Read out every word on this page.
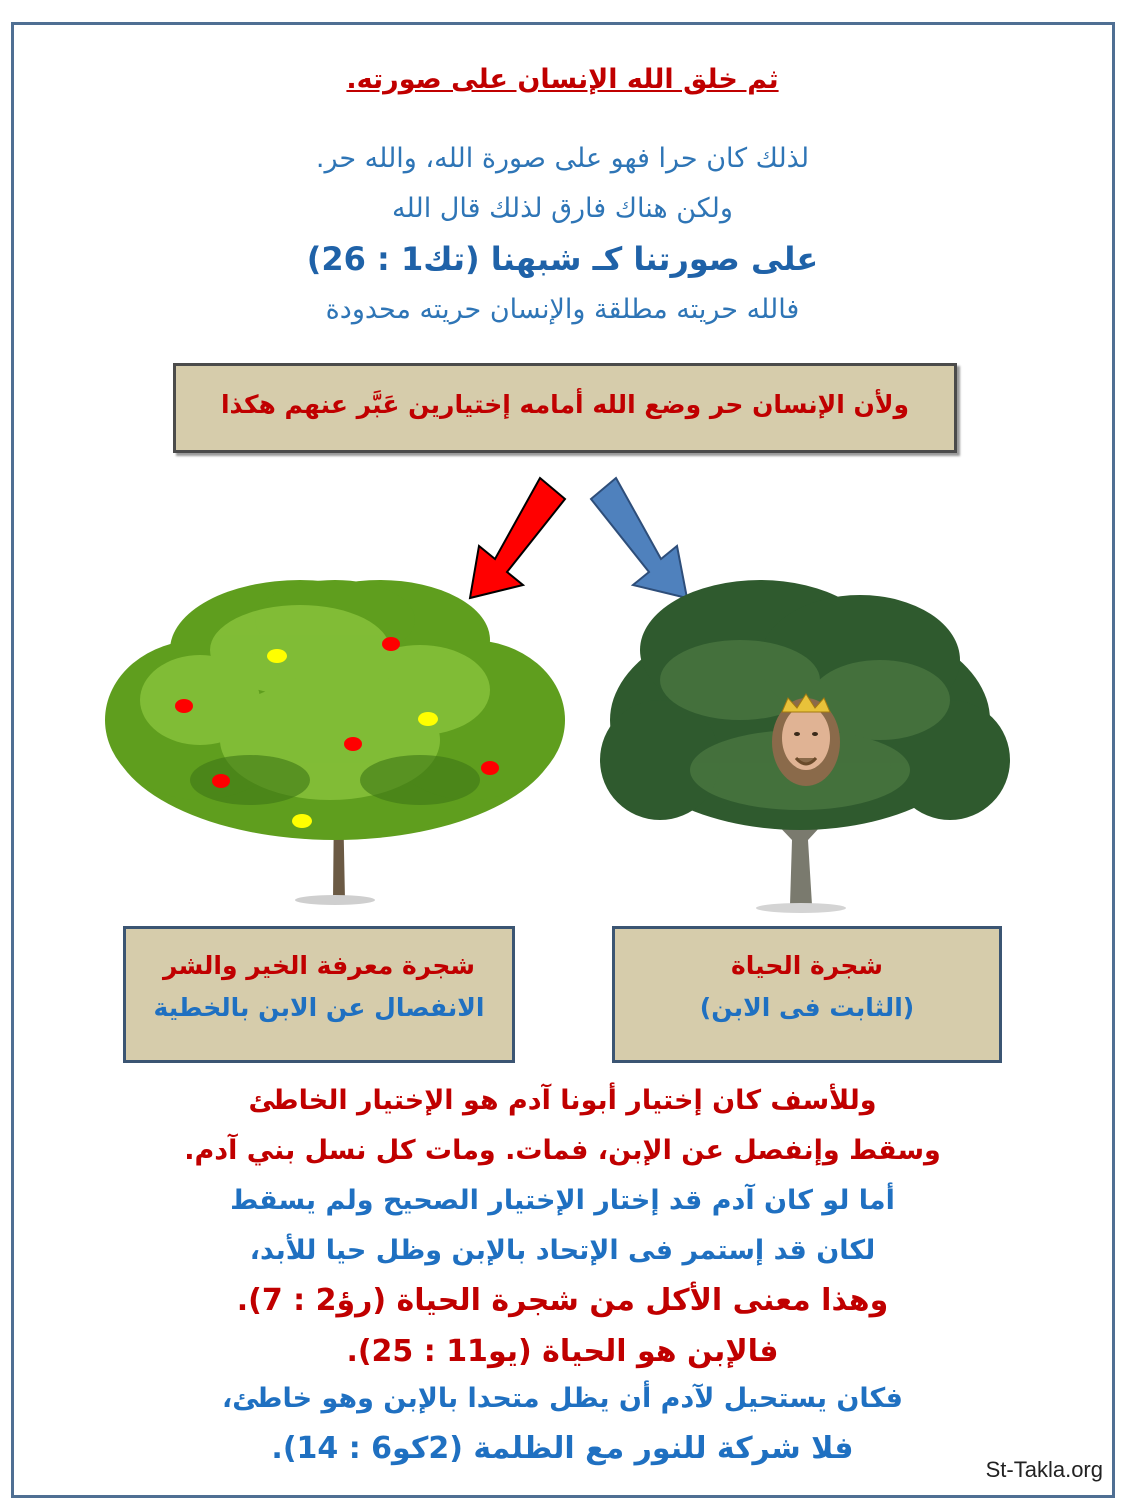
ثم خلق الله الإنسان على صورته.
لذلك كان حرا فهو على صورة الله، والله حر.
ولكن هناك فارق لذلك قال الله
على صورتنا كـ شبهنا (تك1 : 26)
فالله حريته مطلقة والإنسان حريته محدودة
ولأن الإنسان حر وضع الله أمامه إختيارين عَبَّر عنهم هكذا
شجرة معرفة الخير والشر
الانفصال عن الابن بالخطية
شجرة الحياة
(الثابت فى الابن)
وللأسف كان إختيار أبونا آدم هو الإختيار الخاطئ
وسقط وإنفصل عن الإبن، فمات. ومات كل نسل بني آدم.
أما لو كان آدم قد إختار الإختيار الصحيح ولم يسقط
لكان قد إستمر فى الإتحاد بالإبن وظل حيا للأبد،
وهذا معنى الأكل من شجرة الحياة (رؤ2 : 7).
فالإبن هو الحياة (يو11 : 25).
فكان يستحيل لآدم أن يظل متحدا بالإبن وهو خاطئ،
فلا شركة للنور مع الظلمة (2كو6 : 14).
St-Takla.org
